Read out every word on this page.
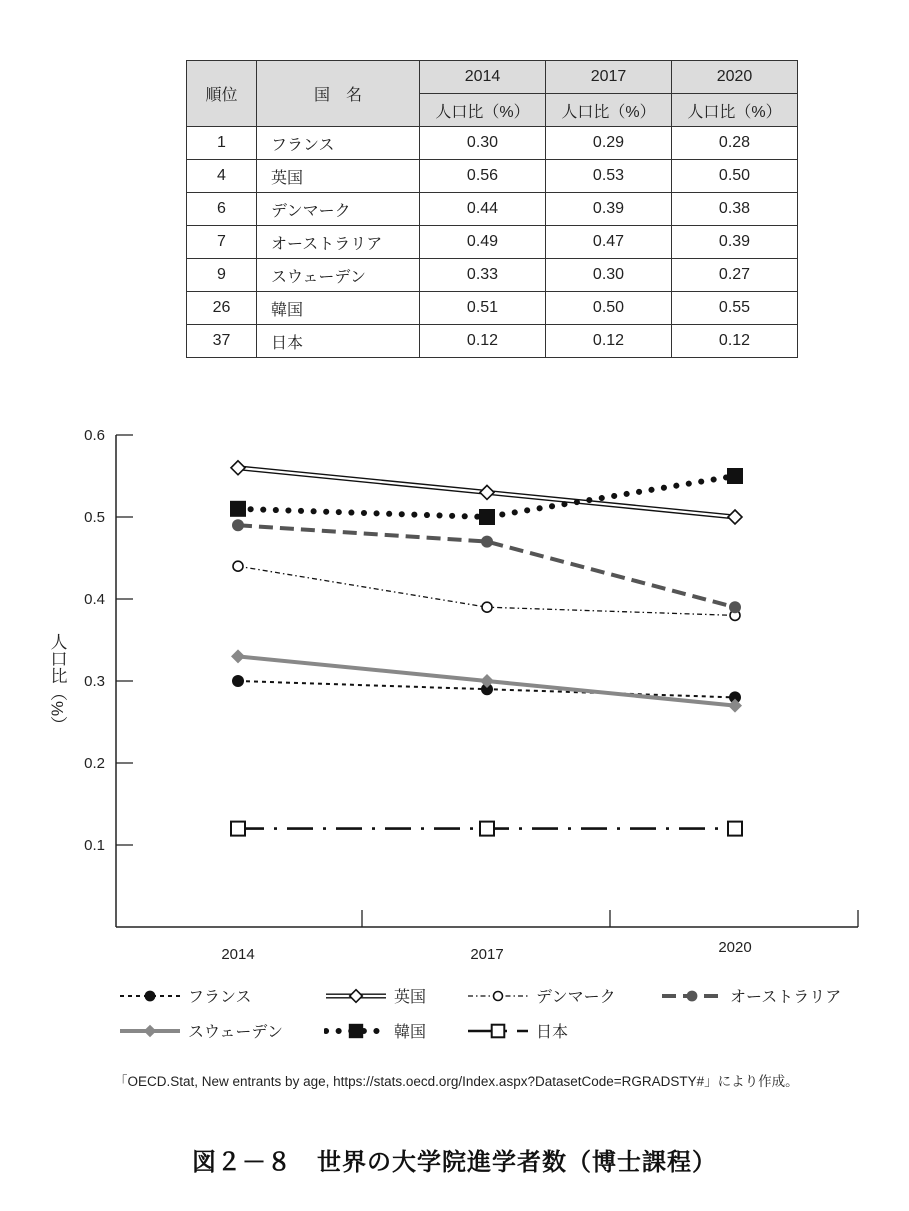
順位	国　名	2014	2017	2020
		人口比（%）	人口比（%）	人口比（%）
1	フランス	0.30	0.29	0.28
4	英国	0.56	0.53	0.50
6	デンマーク	0.44	0.39	0.38
7	オーストラリア	0.49	0.47	0.39
9	スウェーデン	0.33	0.30	0.27
26	韓国	0.51	0.50	0.55
37	日本	0.12	0.12	0.12
0.1
0.2
0.3
0.4
0.5
0.6
2014	2017	2020
人口比（%）
フランス	英国	デンマーク	オーストラリア
スウェーデン	韓国	日本
「OECD.Stat, New entrants by age, https://stats.oecd.org/Index.aspx?DatasetCode=RGRADSTY#」により作成。
図２－８　世界の大学院進学者数（博士課程）
